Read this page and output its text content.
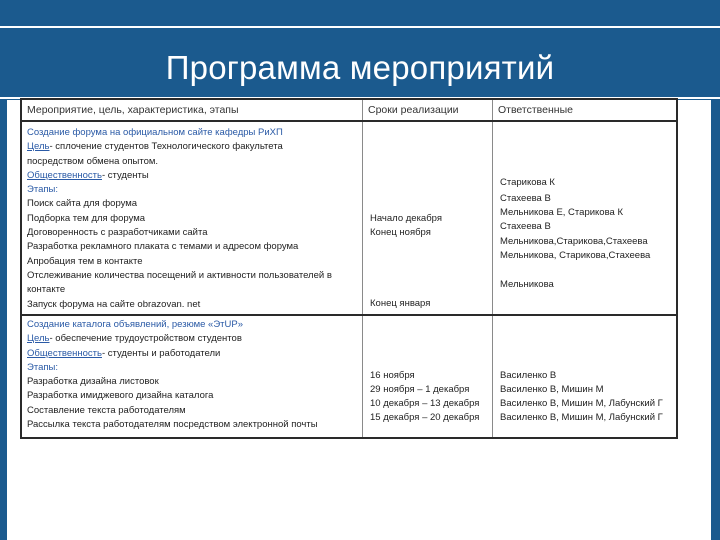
Программа мероприятий
Мероприятие, цель, характеристика, этапы	Сроки реализации	Ответственные
Создание форума на официальном сайте кафедры РиХП
Цель- сплочение студентов Технологического факультета посредством обмена опытом.
Общественность- студенты
Этапы:
Поиск сайта для форума
Подборка тем для форума
Договоренность с разработчиками сайта
Разработка рекламного плаката с темами и адресом форума
Апробация тем в контакте
Отслеживание количества посещений и активности пользователей в контакте
Запуск форума на сайте obrazovan. net
Начало декабря
Конец ноября
Конец января
Старикова К
Стахеева В
Мельникова Е, Старикова К
Стахеева В
Мельникова,Старикова,Стахеева
Мельникова, Старикова,Стахеева
Мельникова
Создание каталога объявлений, резюме «ЭтUP»
Цель- обеспечение трудоустройством студентов
Общественность- студенты и работодатели
Этапы:
Разработка дизайна листовок
Разработка имиджевого дизайна каталога
Составление текста работодателям
Рассылка текста работодателям посредством электронной почты
16 ноября
29 ноября – 1 декабря
10 декабря – 13 декабря
15 декабря – 20 декабря
Василенко В
Василенко В, Мишин М
Василенко В, Мишин М, Лабунский Г
Василенко В, Мишин М, Лабунский Г
